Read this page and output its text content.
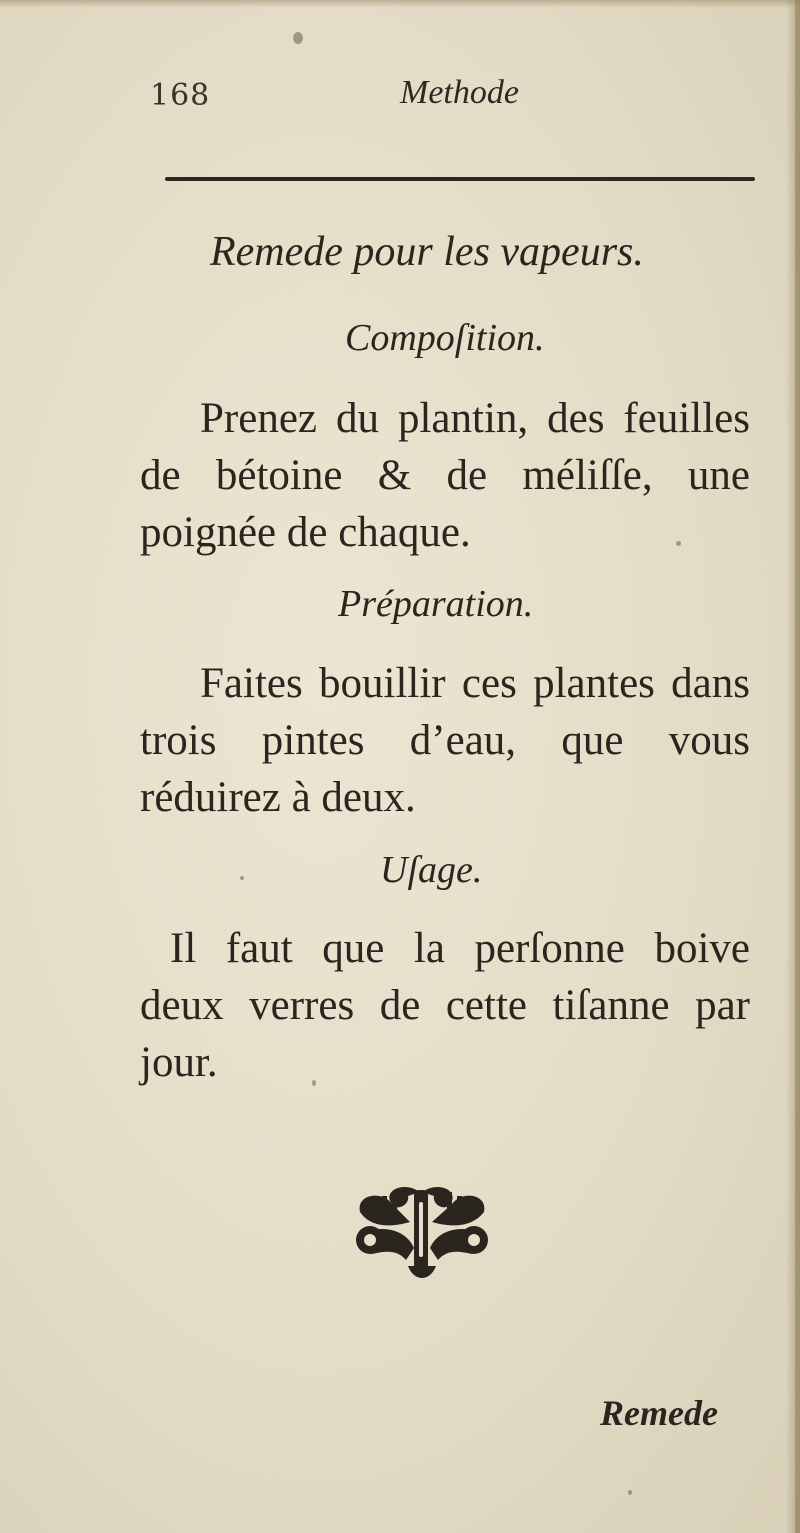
168	Methode
Remede pour les vapeurs.
Compoſition.
Prenez du plantin, des feuilles de bétoine & de méliſſe, une poignée de chaque.
Préparation.
Faites bouillir ces plantes dans trois pintes d’eau, que vous réduirez à deux.
Uſage.
Il faut que la perſonne boive deux verres de cette tiſanne par jour.
Remede
